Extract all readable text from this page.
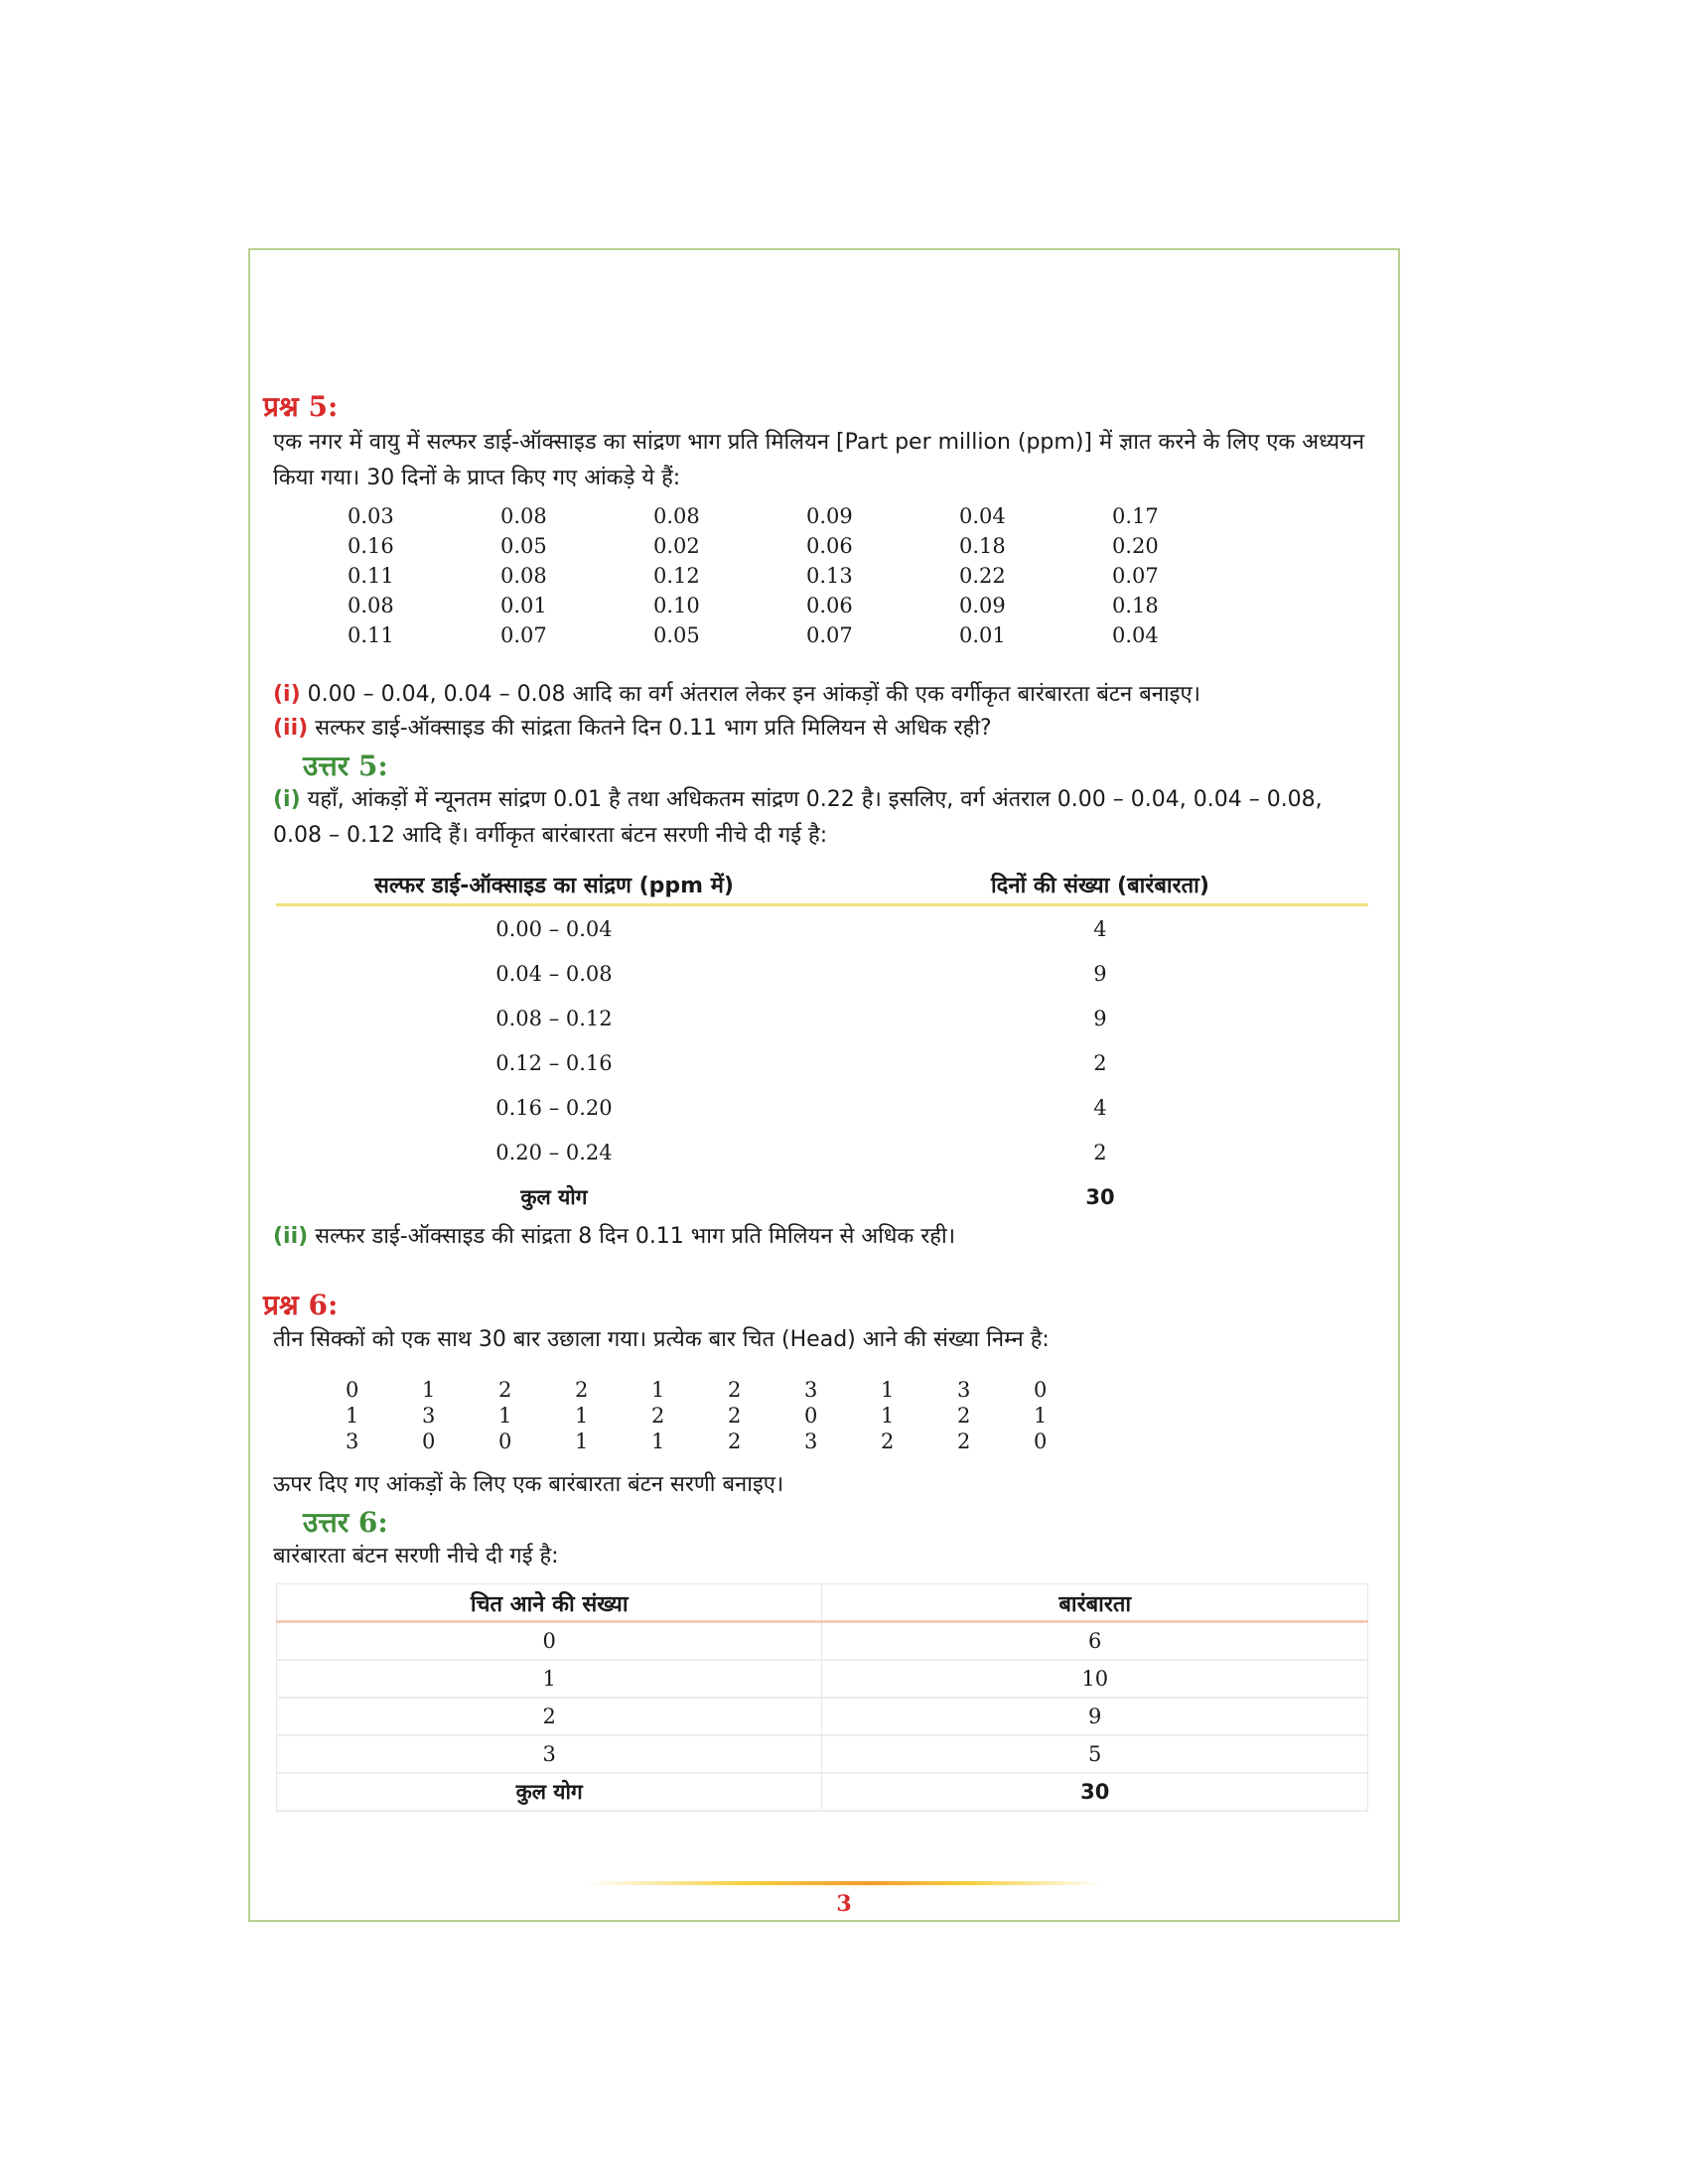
प्रश्न 5:
एक नगर में वायु में सल्फर डाई-ऑक्साइड का सांद्रण भाग प्रति मिलियन [Part per million (ppm)] में ज्ञात करने के लिए एक अध्ययन किया गया। 30 दिनों के प्राप्त किए गए आंकड़े ये हैं:
0.03	0.08	0.08	0.09	0.04	0.17
0.16	0.05	0.02	0.06	0.18	0.20
0.11	0.08	0.12	0.13	0.22	0.07
0.08	0.01	0.10	0.06	0.09	0.18
0.11	0.07	0.05	0.07	0.01	0.04
(i) 0.00 – 0.04, 0.04 – 0.08 आदि का वर्ग अंतराल लेकर इन आंकड़ों की एक वर्गीकृत बारंबारता बंटन बनाइए।
(ii) सल्फर डाई-ऑक्साइड की सांद्रता कितने दिन 0.11 भाग प्रति मिलियन से अधिक रही?
उत्तर 5:
(i) यहाँ, आंकड़ों में न्यूनतम सांद्रण 0.01 है तथा अधिकतम सांद्रण 0.22 है। इसलिए, वर्ग अंतराल 0.00 – 0.04, 0.04 – 0.08, 0.08 – 0.12 आदि हैं। वर्गीकृत बारंबारता बंटन सरणी नीचे दी गई है:
सल्फर डाई-ऑक्साइड का सांद्रण (ppm में)	दिनों की संख्या (बारंबारता)
0.00 – 0.04	4
0.04 – 0.08	9
0.08 – 0.12	9
0.12 – 0.16	2
0.16 – 0.20	4
0.20 – 0.24	2
कुल योग	30
(ii) सल्फर डाई-ऑक्साइड की सांद्रता 8 दिन 0.11 भाग प्रति मिलियन से अधिक रही।
प्रश्न 6:
तीन सिक्कों को एक साथ 30 बार उछाला गया। प्रत्येक बार चित (Head) आने की संख्या निम्न है:
0	1	2	2	1	2	3	1	3	0
1	3	1	1	2	2	0	1	2	1
3	0	0	1	1	2	3	2	2	0
ऊपर दिए गए आंकड़ों के लिए एक बारंबारता बंटन सरणी बनाइए।
उत्तर 6:
बारंबारता बंटन सरणी नीचे दी गई है:
चित आने की संख्या	बारंबारता
0	6
1	10
2	9
3	5
कुल योग	30
3
